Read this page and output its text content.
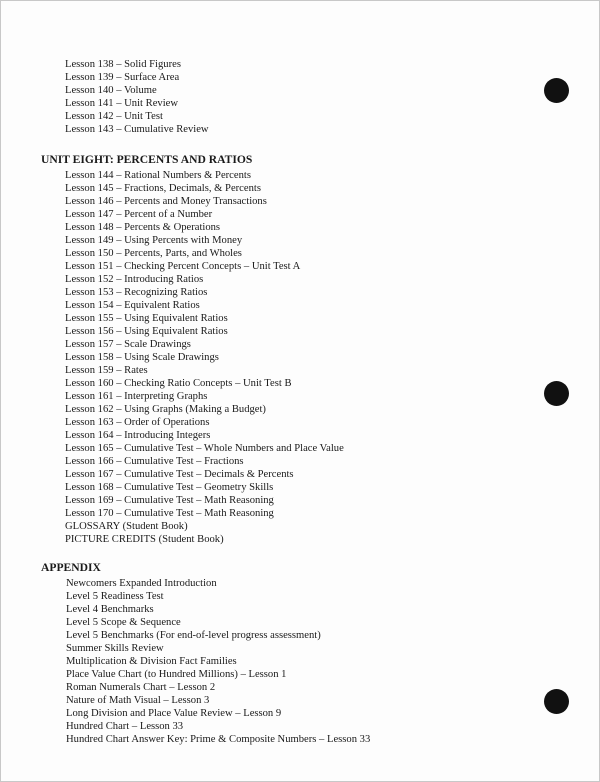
Lesson 138 – Solid Figures
Lesson 139 – Surface Area
Lesson 140 – Volume
Lesson 141 – Unit Review
Lesson 142 – Unit Test
Lesson 143 – Cumulative Review
UNIT EIGHT: PERCENTS AND RATIOS
Lesson 144 – Rational Numbers & Percents
Lesson 145 – Fractions, Decimals, & Percents
Lesson 146 – Percents and Money Transactions
Lesson 147 – Percent of a Number
Lesson 148 – Percents & Operations
Lesson 149 – Using Percents with Money
Lesson 150 – Percents, Parts, and Wholes
Lesson 151 – Checking Percent Concepts – Unit Test A
Lesson 152 – Introducing Ratios
Lesson 153 – Recognizing Ratios
Lesson 154 – Equivalent Ratios
Lesson 155 – Using Equivalent Ratios
Lesson 156 – Using Equivalent Ratios
Lesson 157 – Scale Drawings
Lesson 158 – Using Scale Drawings
Lesson 159 – Rates
Lesson 160 – Checking Ratio Concepts – Unit Test B
Lesson 161 – Interpreting Graphs
Lesson 162 – Using Graphs (Making a Budget)
Lesson 163 – Order of Operations
Lesson 164 – Introducing Integers
Lesson 165 – Cumulative Test – Whole Numbers and Place Value
Lesson 166 – Cumulative Test – Fractions
Lesson 167 – Cumulative Test – Decimals & Percents
Lesson 168 – Cumulative Test – Geometry Skills
Lesson 169 – Cumulative Test – Math Reasoning
Lesson 170 – Cumulative Test – Math Reasoning
GLOSSARY (Student Book)
PICTURE CREDITS (Student Book)
APPENDIX
Newcomers Expanded Introduction
Level 5 Readiness Test
Level 4 Benchmarks
Level 5 Scope & Sequence
Level 5 Benchmarks (For end-of-level progress assessment)
Summer Skills Review
Multiplication & Division Fact Families
Place Value Chart (to Hundred Millions) – Lesson 1
Roman Numerals Chart – Lesson 2
Nature of Math Visual – Lesson 3
Long Division and Place Value Review – Lesson 9
Hundred Chart – Lesson 33
Hundred Chart Answer Key: Prime & Composite Numbers – Lesson 33
